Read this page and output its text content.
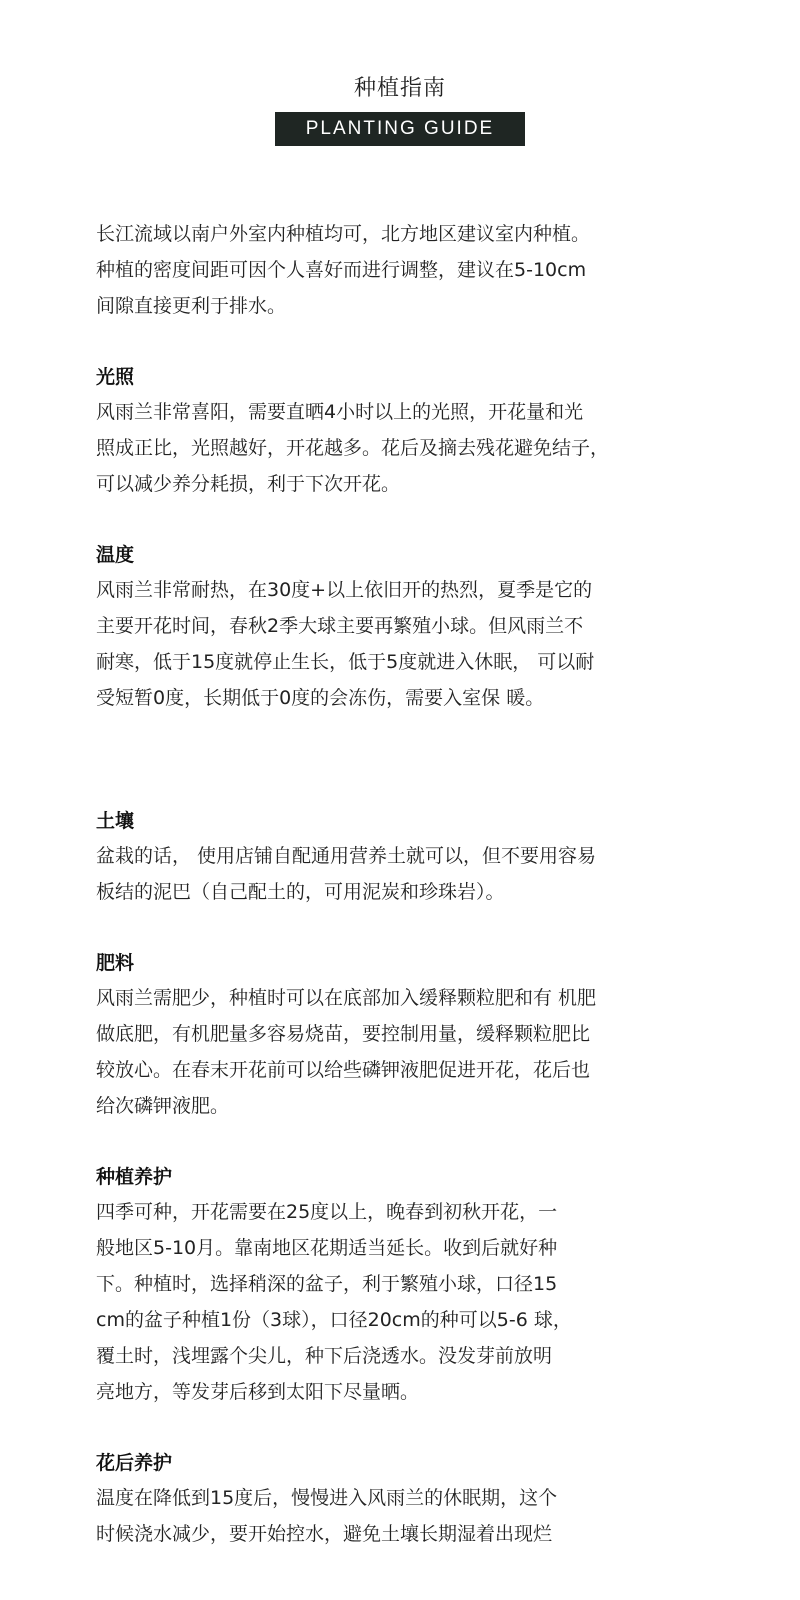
种植指南
PLANTING GUIDE
长江流域以南户外室内种植均可，北方地区建议室内种植。
种植的密度间距可因个人喜好而进行调整，建议在5-10cm
间隙直接更利于排水。
光照
风雨兰非常喜阳，需要直晒4小时以上的光照，开花量和光
照成正比，光照越好，开花越多。花后及摘去残花避免结子，
可以减少养分耗损，利于下次开花。
温度
风雨兰非常耐热，在30度+以上依旧开的热烈，夏季是它的
主要开花时间，春秋2季大球主要再繁殖小球。但风雨兰不
耐寒，低于15度就停止生长，低于5度就进入休眠， 可以耐
受短暂0度，长期低于0度的会冻伤，需要入室保 暖。
土壤
盆栽的话， 使用店铺自配通用营养土就可以，但不要用容易
板结的泥巴（自己配土的，可用泥炭和珍珠岩）。
肥料
风雨兰需肥少，种植时可以在底部加入缓释颗粒肥和有 机肥
做底肥，有机肥量多容易烧苗，要控制用量，缓释颗粒肥比
较放心。在春末开花前可以给些磷钾液肥促进开花，花后也
给次磷钾液肥。
种植养护
四季可种，开花需要在25度以上，晚春到初秋开花，一
般地区5-10月。靠南地区花期适当延长。收到后就好种
下。种植时，选择稍深的盆子，利于繁殖小球，口径15
cm的盆子种植1份（3球），口径20cm的种可以5-6 球，
覆土时，浅埋露个尖儿，种下后浇透水。没发芽前放明
亮地方，等发芽后移到太阳下尽量晒。
花后养护
温度在降低到15度后，慢慢进入风雨兰的休眠期，这个
时候浇水减少，要开始控水，避免土壤长期湿着出现烂
